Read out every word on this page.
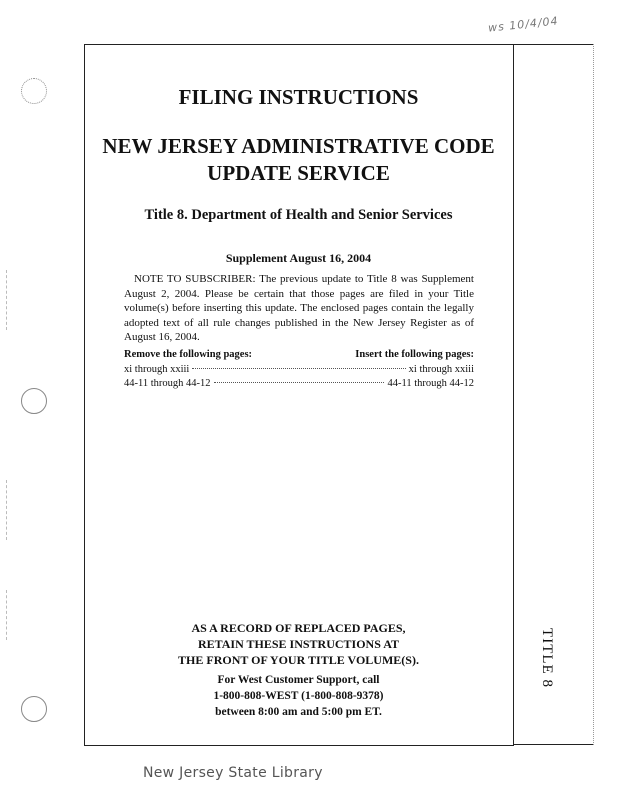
ws 10/4/04
TITLE 8
FILING INSTRUCTIONS
NEW JERSEY ADMINISTRATIVE CODE
UPDATE SERVICE
Title 8. Department of Health and Senior Services
Supplement August 16, 2004
NOTE TO SUBSCRIBER: The previous update to Title 8 was Supplement August 2, 2004. Please be certain that those pages are filed in your Title volume(s) before inserting this update. The enclosed pages contain the legally adopted text of all rule changes published in the New Jersey Register as of August 16, 2004.
Remove the following pages:	Insert the following pages:
xi through xxiii	xi through xxiii
44-11 through 44-12	44-11 through 44-12
AS A RECORD OF REPLACED PAGES,
RETAIN THESE INSTRUCTIONS AT
THE FRONT OF YOUR TITLE VOLUME(S).
For West Customer Support, call
1-800-808-WEST (1-800-808-9378)
between 8:00 am and 5:00 pm ET.
New Jersey State Library
